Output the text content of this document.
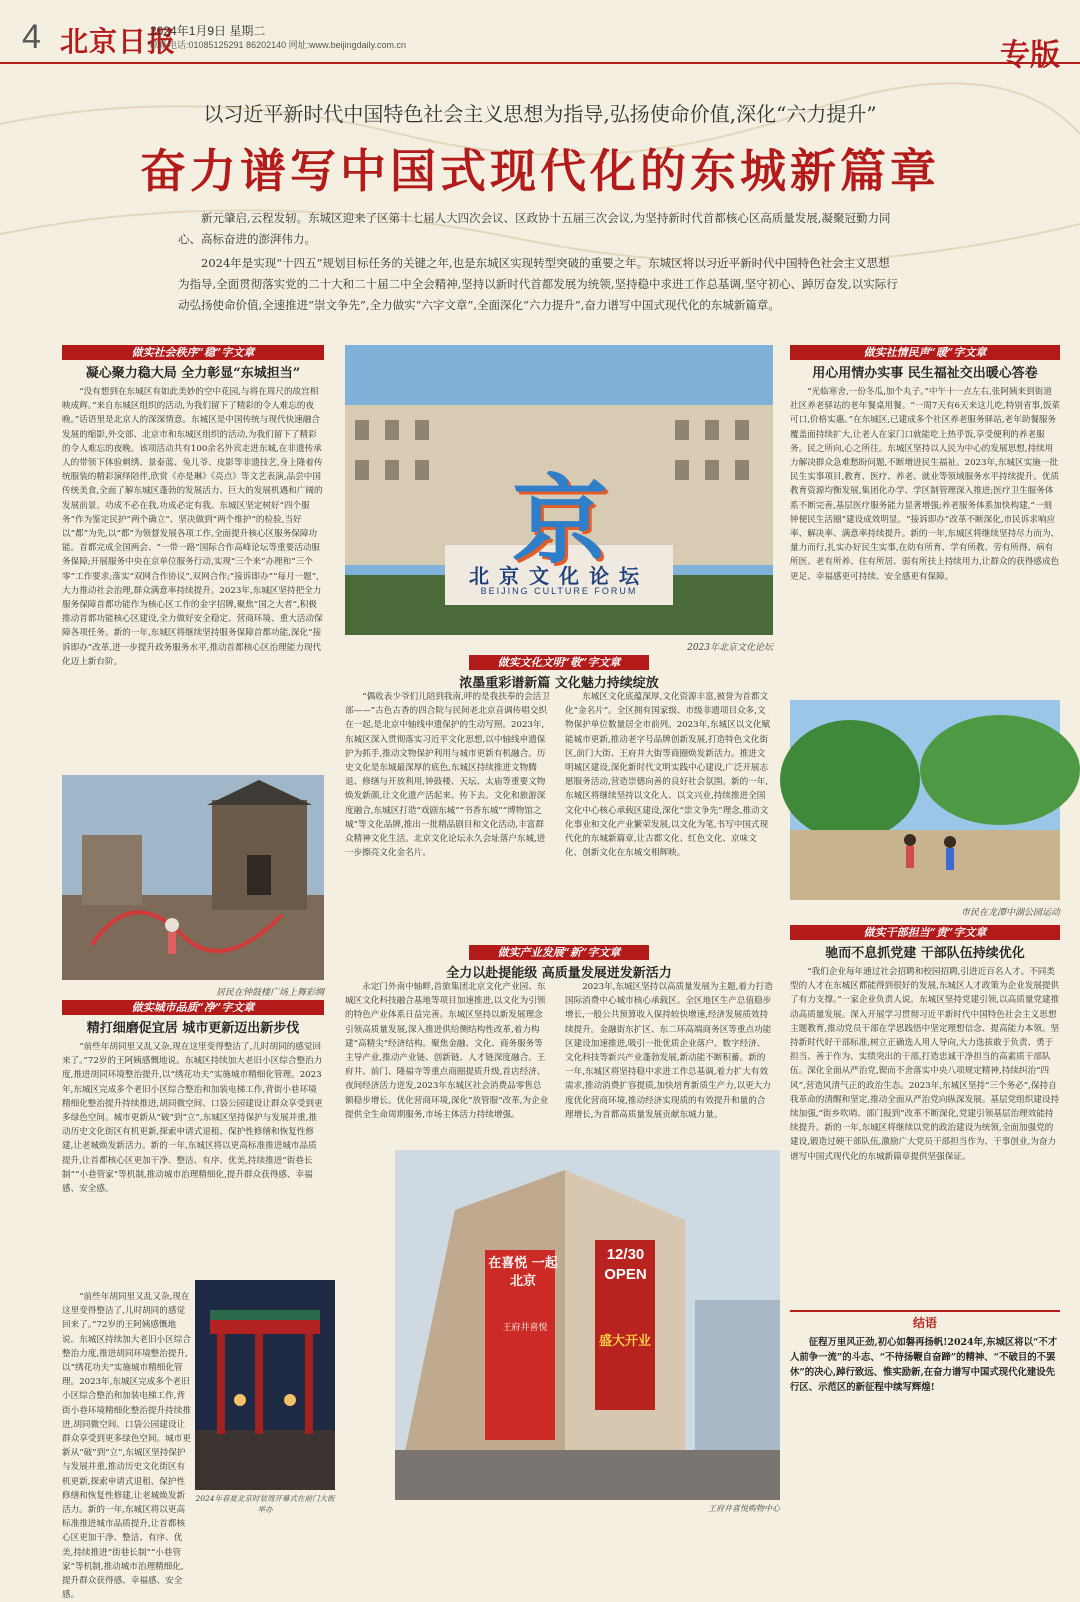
4 北京日报
2024年1月9日 星期二
联系电话:01085125291 86202140 网址:www.beijingdaily.com.cn	专版
以习近平新时代中国特色社会主义思想为指导,弘扬使命价值,深化“六力提升”
奋力谱写中国式现代化的东城新篇章

新元肇启,云程发轫。东城区迎来了区第十七届人大四次会议、区政协十五届三次会议,为坚持新时代首都核心区高质量发展,凝聚冠勤力同心、高标奋进的澎湃伟力。

2024年是实现“十四五”规划目标任务的关键之年,也是东城区实现转型突破的重要之年。东城区将以习近平新时代中国特色社会主义思想为指导,全面贯彻落实党的二十大和二十届二中全会精神,坚持以新时代首都发展为统领,坚持稳中求进工作总基调,坚守初心、踔厉奋发,以实际行动弘扬使命价值,全速推进“崇文争先”,全力做实“六字文章”,全面深化“六力提升”,奋力谱写中国式现代化的东城新篇章。

做实社会秩序“稳”字文章
凝心聚力稳大局 全力彰显“东城担当”

“没有想到在东城区有如此美妙的空中花园,与将在周尺的故宫相映成辉。”来自东城区组织的活动,为我们留下了精彩的令人难忘的夜晚。”话语里是北京人的深深情意。东城区是中国传统与现代快速融合发展的缩影,外交部、北京市和东城区组织的活动,为我们留下了精彩的令人难忘的夜晚。该项活动共有100余名外宾走进东城,在非遗传承人的带领下体验刺绣、景泰蓝、兔儿爷、皮影等非遗技艺,身上隆着传统服装的精彩演绎陪伴,欣赏《亦是琳》《亮点》等文艺表演,品尝中国传统美食,全面了解东城区蓬勃的发展活力、巨大的发展机遇和广阔的发展前景。功成不必在我,功成必定有我。东城区坚定树好“四个服务”作为鉴定民护“两个确立”、坚决做到“两个维护”的检验,当好以“都”为先,以“都”为领督发展各项工作,全面提升核心区服务保障功能。首都完成全国两会、“一带一路”国际合作高峰论坛等重要活动服务保障;开展服务中央在京单位服务行动,实现“三个来”办理和“三个零”工作要求;落实“双网合作协议”,双网合作;“接诉即办”“每月一题”,大力推动社会治理,群众满意率持续提升。2023年,东城区坚持把全力服务保障首都功能作为核心区工作的金字招牌,聚焦“国之大者”,积极推动首都功能核心区建设,全力做好安全稳定、营商环境、重大活动保障各项任务。新的一年,东城区将继续坚持服务保障首都功能,深化“接诉即办”改革,进一步提升政务服务水平,推动首都核心区治理能力现代化迈上新台阶。

居民在钟鼓楼广场上舞彩绸
做实城市品质“净”字文章
精打细磨促宜居 城市更新迈出新步伐

“前些年胡同里又乱又杂,现在这里变得整洁了,儿时胡同的感觉回来了。”72岁的王阿姨感慨地说。东城区持续加大老旧小区综合整治力度,推进胡同环境整治提升,以“绣花功夫”实施城市精细化管理。2023年,东城区完成多个老旧小区综合整治和加装电梯工作,背街小巷环境精细化整治提升持续推进,胡同微空间、口袋公园建设让群众享受到更多绿色空间。城市更新从“破”到“立”,东城区坚持保护与发展并重,推动历史文化街区有机更新,探索申请式退租、保护性修缮和恢复性修建,让老城焕发新活力。新的一年,东城区将以更高标准推进城市品质提升,让首都核心区更加干净、整洁、有序、优美,持续推进“街巷长制”“小巷管家”等机制,推动城市治理精细化,提升群众获得感、幸福感、安全感。

“前些年胡同里又乱又杂,现在这里变得整洁了,儿时胡同的感觉回来了。”72岁的王阿姨感慨地说。东城区持续加大老旧小区综合整治力度,推进胡同环境整治提升,以“绣花功夫”实施城市精细化管理。2023年,东城区完成多个老旧小区综合整治和加装电梯工作,背街小巷环境精细化整治提升持续推进,胡同微空间、口袋公园建设让群众享受到更多绿色空间。城市更新从“破”到“立”,东城区坚持保护与发展并重,推动历史文化街区有机更新,探索申请式退租、保护性修缮和恢复性修建,让老城焕发新活力。新的一年,东城区将以更高标准推进城市品质提升,让首都核心区更加干净、整洁、有序、优美,持续推进“街巷长制”“小巷管家”等机制,推动城市治理精细化,提升群众获得感、幸福感、安全感。

2024年春夏北京时装周开幕式在前门大街举办
京
北京文化论坛
BEIJING CULTURE FORUM
2023年北京文化论坛
做实文化文明“敬”字文章
浓墨重彩谱新篇 文化魅力持续绽放

“偶收表少爷们儿陪到我南,呼的是我扶奉的会活卫部——”古色古香的四合院与民间老北京音调传唱交织在一起,是北京中轴线申遗保护的生动写照。2023年,东城区深入贯彻落实习近平文化思想,以中轴线申遗保护为抓手,推动文物保护利用与城市更新有机融合。历史文化是东城最深厚的底色,东城区持续推进文物腾退、修缮与开放利用,钟鼓楼、天坛、太庙等重要文物焕发新颜,让文化遗产活起来、传下去。文化和旅游深度融合,东城区打造“戏剧东城”“书香东城”“博物馆之城”等文化品牌,推出一批精品剧目和文化活动,丰富群众精神文化生活。北京文化论坛永久会址落户东城,进一步擦亮文化金名片。

东城区文化底蕴深厚,文化资源丰富,被誉为首都文化“金名片”。全区拥有国家级、市级非遗项目众多,文物保护单位数量居全市前列。2023年,东城区以文化赋能城市更新,推动老字号品牌创新发展,打造特色文化街区,前门大街、王府井大街等商圈焕发新活力。推进文明城区建设,深化新时代文明实践中心建设,广泛开展志愿服务活动,营造崇德向善的良好社会氛围。新的一年,东城区将继续坚持以文化人、以文兴业,持续推进全国文化中心核心承载区建设,深化“崇文争先”理念,推动文化事业和文化产业繁荣发展,以文化为笔,书写中国式现代化的东城新篇章,让古都文化、红色文化、京味文化、创新文化在东城交相辉映。

做实产业发展“新”字文章
全力以赴提能级 高质量发展迸发新活力

永定门外南中轴畔,首旅集团北京文化产业园、东城区文化科技融合基地等项目加速推进,以文化为引领的特色产业体系日益完善。东城区坚持以新发展理念引领高质量发展,深入推进供给侧结构性改革,着力构建“高精尖”经济结构。聚焦金融、文化、商务服务等主导产业,推动产业链、创新链、人才链深度融合。王府井、前门、隆福寺等重点商圈提质升级,首店经济、夜间经济活力迸发,2023年东城区社会消费品零售总额稳步增长。优化营商环境,深化“放管服”改革,为企业提供全生命周期服务,市场主体活力持续增强。

2023年,东城区坚持以高质量发展为主题,着力打造国际消费中心城市核心承载区。全区地区生产总值稳步增长,一般公共预算收入保持较快增速,经济发展质效持续提升。金融街东扩区、东二环高端商务区等重点功能区建设加速推进,吸引一批优质企业落户。数字经济、文化科技等新兴产业蓬勃发展,新动能不断积蓄。新的一年,东城区将坚持稳中求进工作总基调,着力扩大有效需求,推动消费扩容提质,加快培育新质生产力,以更大力度优化营商环境,推动经济实现质的有效提升和量的合理增长,为首都高质量发展贡献东城力量。

在喜悦 一起北京
12/30 OPEN
盛大开业
王府井喜悦
王府井喜悦购物中心
做实社情民声“暖”字文章
用心用情办实事 民生福祉交出暖心答卷

“光临寒舍,一份冬瓜,加个丸子。”中午十一点左右,张阿姨来到街道社区养老驿站的老年餐桌用餐。“一周7天有6天来这儿吃,特别省事,饭菜可口,价格实惠。”在东城区,已建成多个社区养老服务驿站,老年助餐服务覆盖面持续扩大,让老人在家门口就能吃上热乎饭,享受便利的养老服务。民之所向,心之所往。东城区坚持以人民为中心的发展思想,持续用力解决群众急难愁盼问题,不断增进民生福祉。2023年,东城区实施一批民生实事项目,教育、医疗、养老、就业等领域服务水平持续提升。优质教育资源均衡发展,集团化办学、学区制管理深入推进;医疗卫生服务体系不断完善,基层医疗服务能力显著增强;养老服务体系加快构建,“一刻钟便民生活圈”建设成效明显。“接诉即办”改革不断深化,市民诉求响应率、解决率、满意率持续提升。新的一年,东城区将继续坚持尽力而为、量力而行,扎实办好民生实事,在幼有所育、学有所教、劳有所得、病有所医、老有所养、住有所居、弱有所扶上持续用力,让群众的获得感成色更足、幸福感更可持续、安全感更有保障。

市民在龙潭中湖公园运动
做实干部担当“责”字文章
驰而不息抓党建 干部队伍持续优化

“我们企业每年通过社会招聘和校园招聘,引进近百名人才。不同类型的人才在东城区都能得到很好的发展,东城区人才政策为企业发展提供了有力支撑。”一家企业负责人说。东城区坚持党建引领,以高质量党建推动高质量发展。深入开展学习贯彻习近平新时代中国特色社会主义思想主题教育,推动党员干部在学思践悟中坚定理想信念、提高能力本领。坚持新时代好干部标准,树立正确选人用人导向,大力选拔敢于负责、勇于担当、善于作为、实绩突出的干部,打造忠诚干净担当的高素质干部队伍。深化全面从严治党,锲而不舍落实中央八项规定精神,持续纠治“四风”,营造风清气正的政治生态。2023年,东城区坚持“三个务必”,保持自我革命的清醒和坚定,推动全面从严治党向纵深发展。基层党组织建设持续加强,“街乡吹哨、部门报到”改革不断深化,党建引领基层治理效能持续提升。新的一年,东城区将继续以党的政治建设为统领,全面加强党的建设,锻造过硬干部队伍,激励广大党员干部担当作为、干事创业,为奋力谱写中国式现代化的东城新篇章提供坚强保证。

结语

征程万里风正劲,初心如磐再扬帆!2024年,东城区将以“不才人前争一流”的斗志、“不待扬鞭自奋蹄”的精神、“不破目的不罢休”的决心,踔行致远、惟实励新,在奋力谱写中国式现代化建设先行区、示范区的新征程中续写辉煌!
